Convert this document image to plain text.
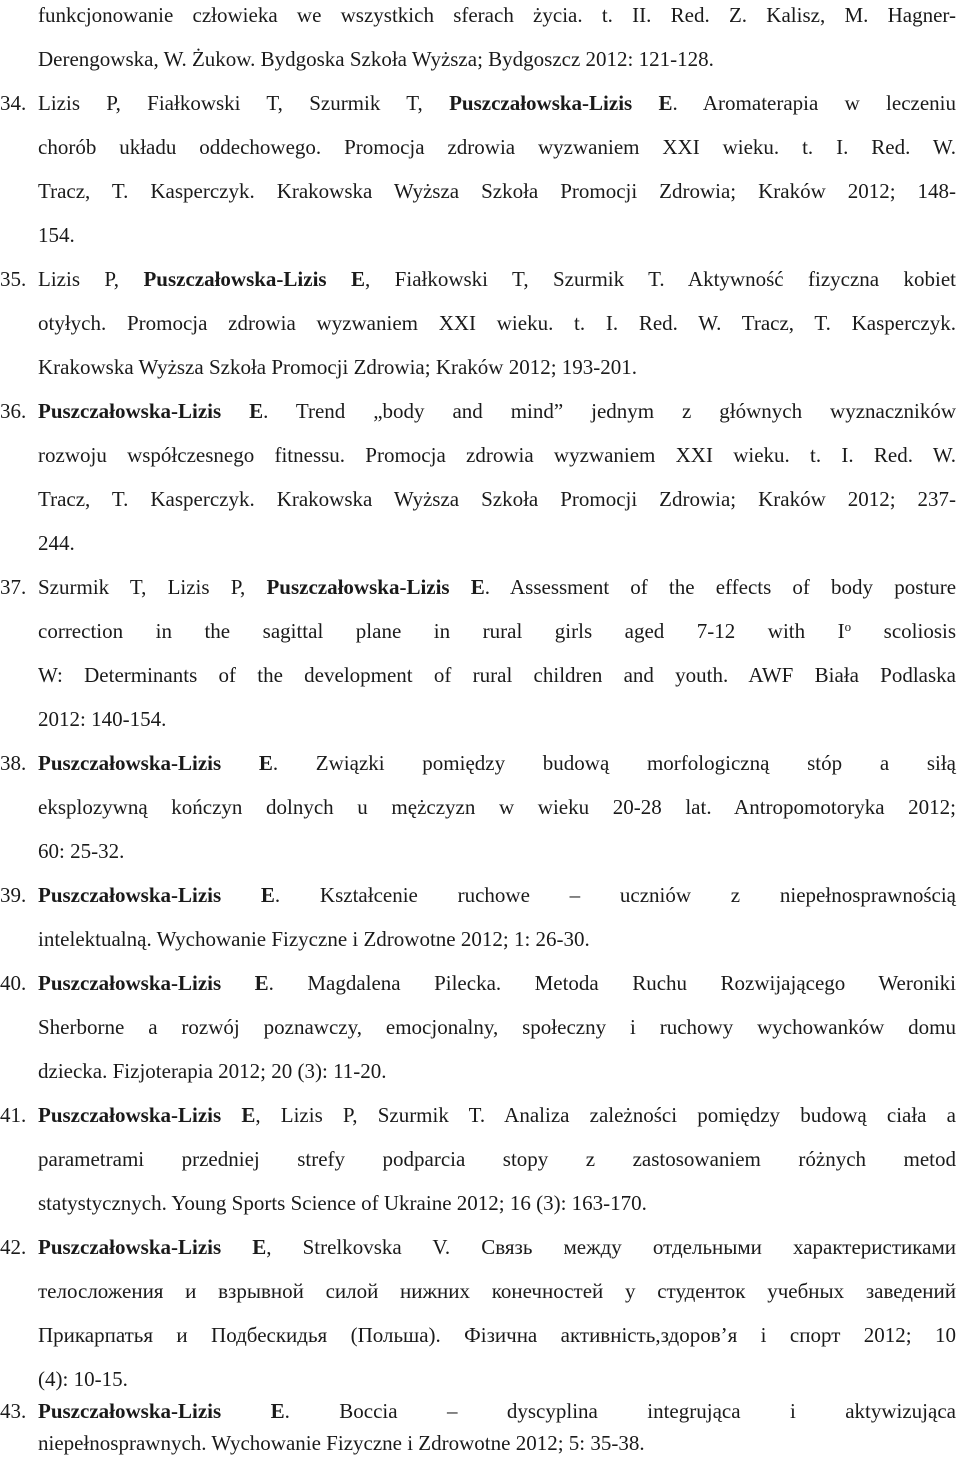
funkcjonowanie człowieka we wszystkich sferach życia. t. II. Red. Z. Kalisz, M. Hagner-
Derengowska, W. Żukow. Bydgoska Szkoła Wyższa; Bydgoszcz 2012: 121-128.
34. Lizis P, Fiałkowski T, Szurmik T, Puszczałowska-Lizis E. Aromaterapia w leczeniu
chorób układu oddechowego. Promocja zdrowia wyzwaniem XXI wieku. t. I. Red. W.
Tracz, T. Kasperczyk. Krakowska Wyższa Szkoła Promocji Zdrowia; Kraków 2012; 148-
154.
35. Lizis P, Puszczałowska-Lizis E, Fiałkowski T, Szurmik T. Aktywność fizyczna kobiet
otyłych. Promocja zdrowia wyzwaniem XXI wieku. t. I. Red. W. Tracz, T. Kasperczyk.
Krakowska Wyższa Szkoła Promocji Zdrowia; Kraków 2012; 193-201.
36. Puszczałowska-Lizis E. Trend „body and mind” jednym z głównych wyznaczników
rozwoju współczesnego fitnessu. Promocja zdrowia wyzwaniem XXI wieku. t. I. Red. W.
Tracz, T. Kasperczyk. Krakowska Wyższa Szkoła Promocji Zdrowia; Kraków 2012; 237-
244.
37. Szurmik T, Lizis P, Puszczałowska-Lizis E. Assessment of the effects of body posture
correction in the sagittal plane in rural girls aged 7-12 with $I^o$ scoliosis
W: Determinants of the development of rural children and youth. AWF Biała Podlaska
2012: 140-154.
38. Puszczałowska-Lizis E. Związki pomiędzy budową morfologiczną stóp a siłą
eksplozywną kończyn dolnych u mężczyzn w wieku 20-28 lat. Antropomotoryka 2012;
60: 25-32.
39. Puszczałowska-Lizis E. Kształcenie ruchowe – uczniów z niepełnosprawnością
intelektualną. Wychowanie Fizyczne i Zdrowotne 2012; 1: 26-30.
40. Puszczałowska-Lizis E. Magdalena Pilecka. Metoda Ruchu Rozwijającego Weroniki
Sherborne a rozwój poznawczy, emocjonalny, społeczny i ruchowy wychowanków domu
dziecka. Fizjoterapia 2012; 20 (3): 11-20.
41. Puszczałowska-Lizis E, Lizis P, Szurmik T. Analiza zależności pomiędzy budową ciała a
parametrami przedniej strefy podparcia stopy z zastosowaniem różnych metod
statystycznych. Young Sports Science of Ukraine 2012; 16 (3): 163-170.
42. Puszczałowska-Lizis E, Strelkovska V. Связь между отдельными характеристиками
телосложения и взрывной силой нижних конечностей у студенток учебных заведений
Прикарпатья и Подбеcкидья (Польша). Фізична активність,здоров’я і спорт 2012; 10
(4): 10-15.
43. Puszczałowska-Lizis E. Boccia – dyscyplina integrująca i aktywizująca
niepełnosprawnych. Wychowanie Fizyczne i Zdrowotne 2012; 5: 35-38.
